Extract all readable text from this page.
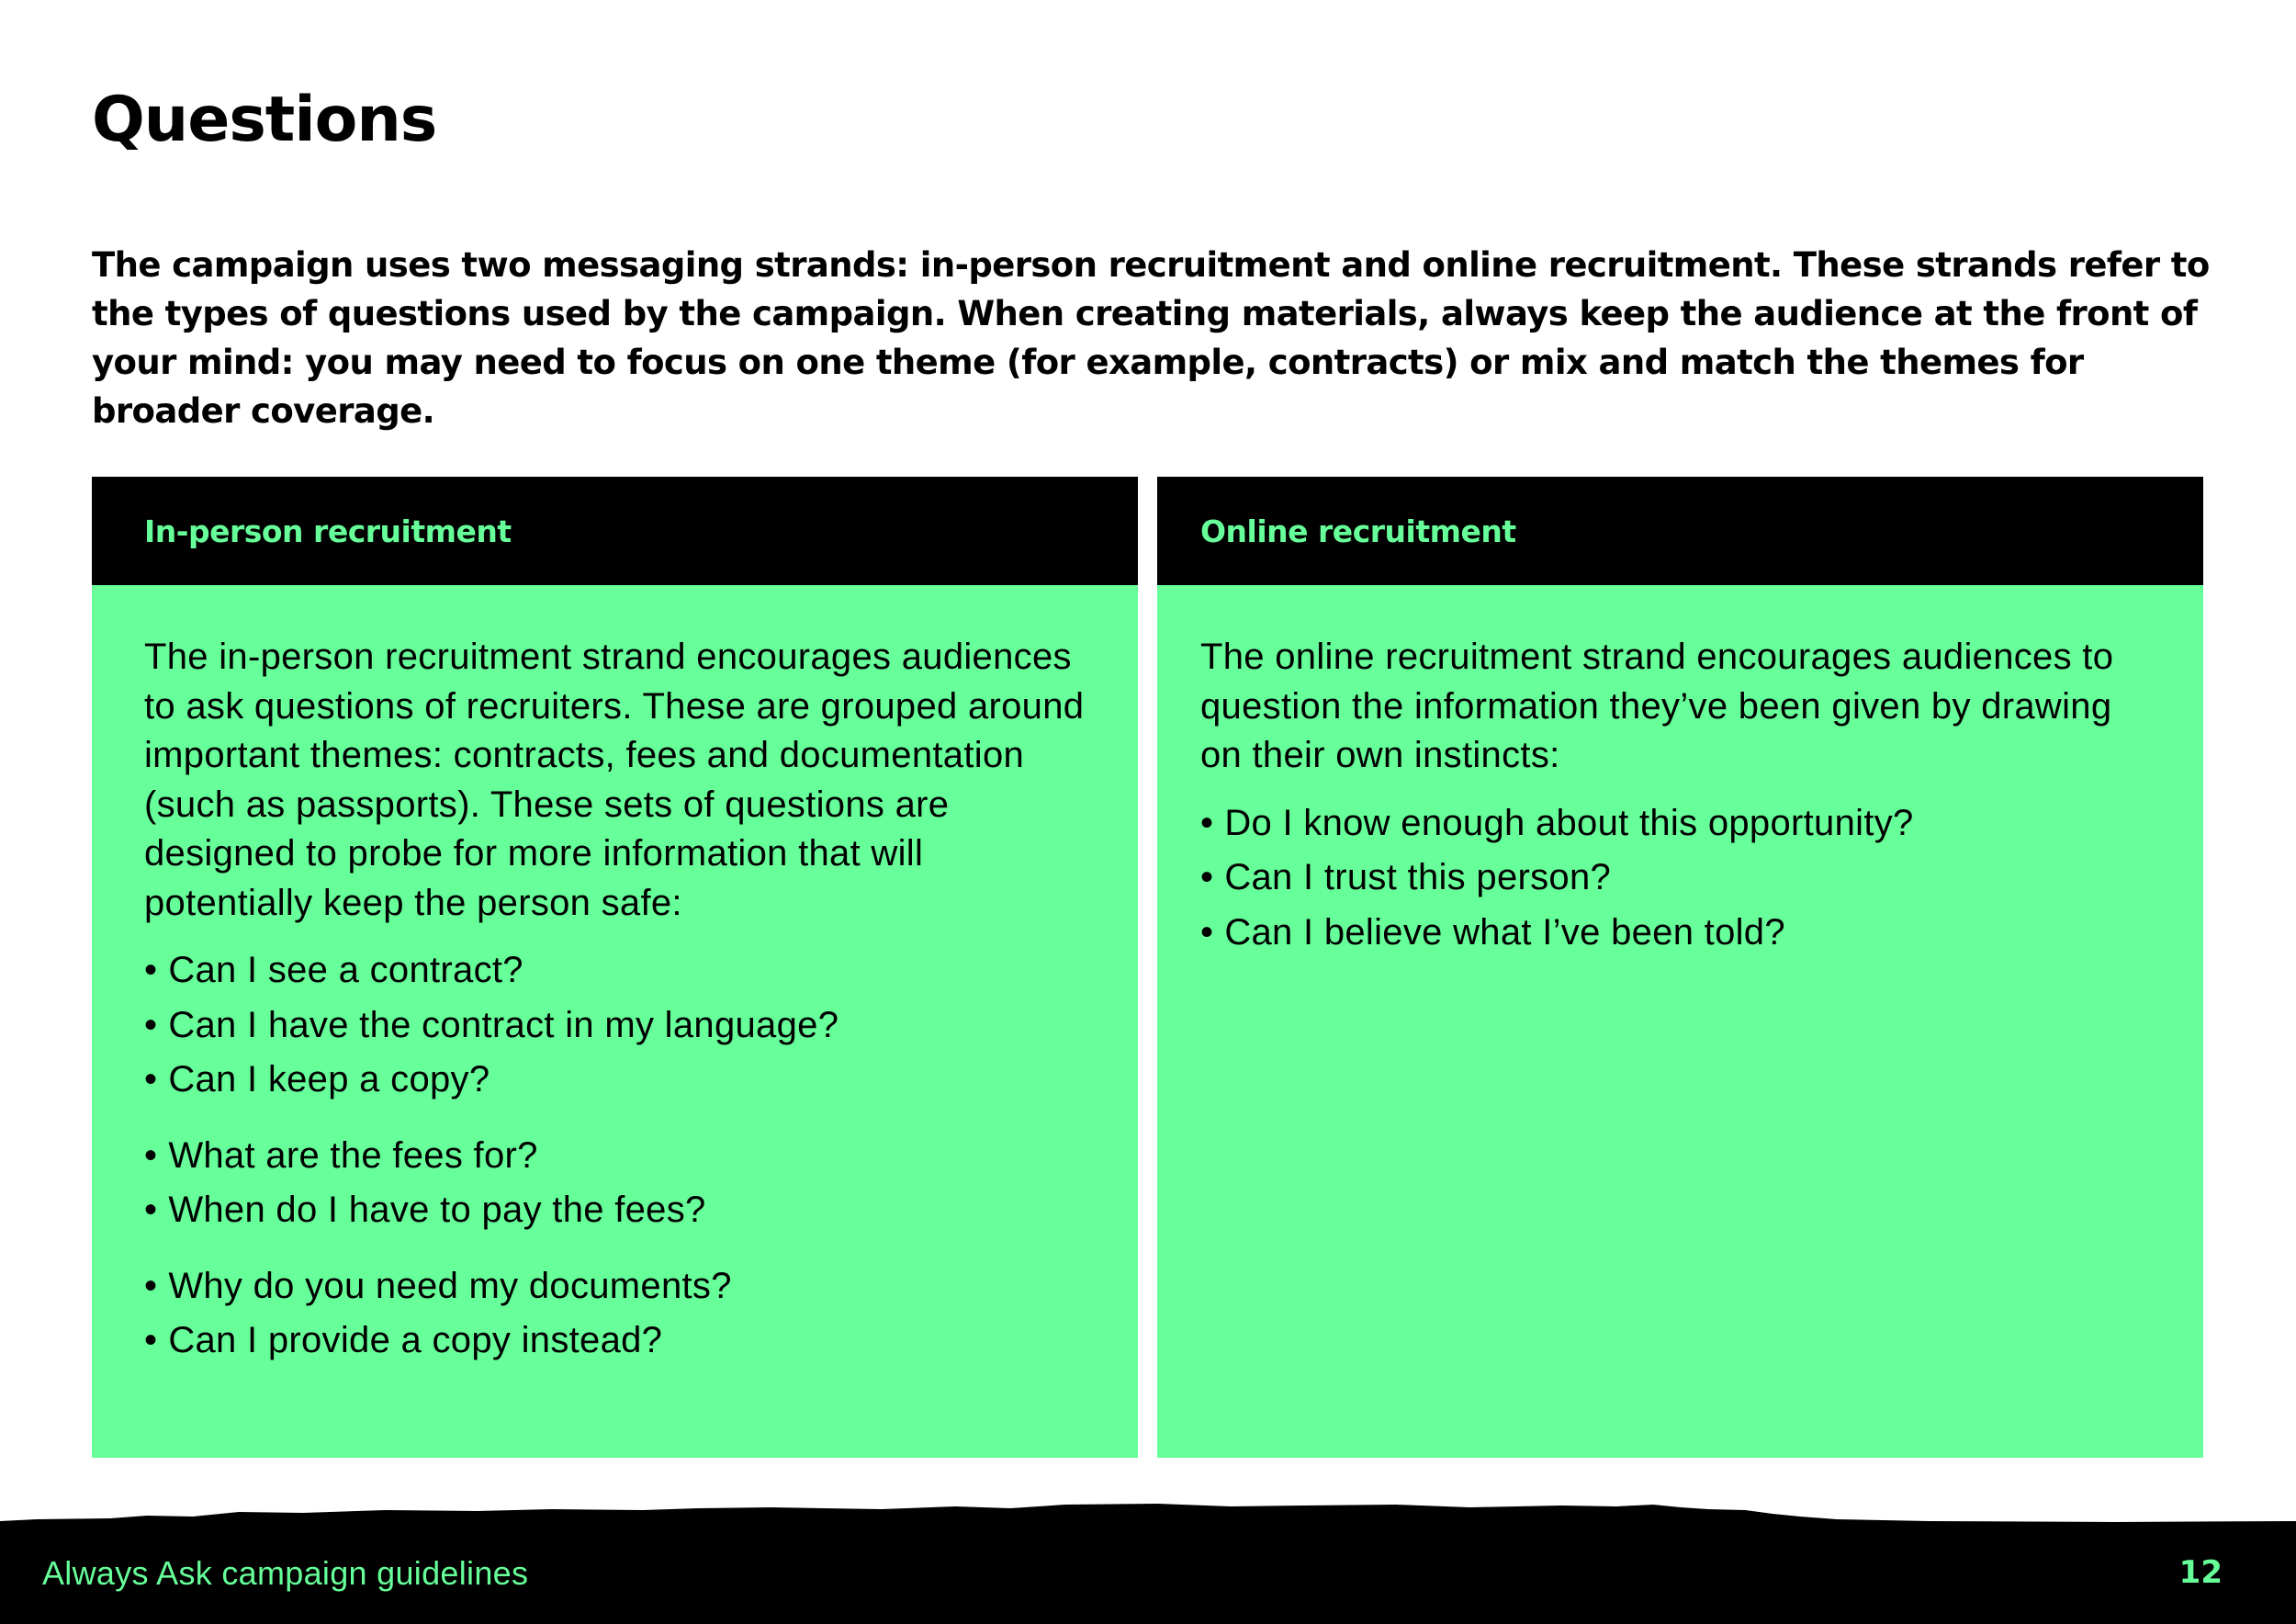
Questions

The campaign uses two messaging strands: in-person recruitment and online recruitment. These strands refer to the types of questions used by the campaign. When creating materials, always keep the audience at the front of your mind: you may need to focus on one theme (for example, contracts) or mix and match the themes for broader coverage.

In-person recruitment

The in-person recruitment strand encourages audiences to ask questions of recruiters. These are grouped around important themes: contracts, fees and documentation (such as passports). These sets of questions are designed to probe for more information that will potentially keep the person safe:

• Can I see a contract?
• Can I have the contract in my language?
• Can I keep a copy?
• What are the fees for?
• When do I have to pay the fees?
• Why do you need my documents?
• Can I provide a copy instead?
Online recruitment

The online recruitment strand encourages audiences to question the information they’ve been given by drawing on their own instincts:

• Do I know enough about this opportunity?
• Can I trust this person?
• Can I believe what I’ve been told?
Always Ask campaign guidelines	12
